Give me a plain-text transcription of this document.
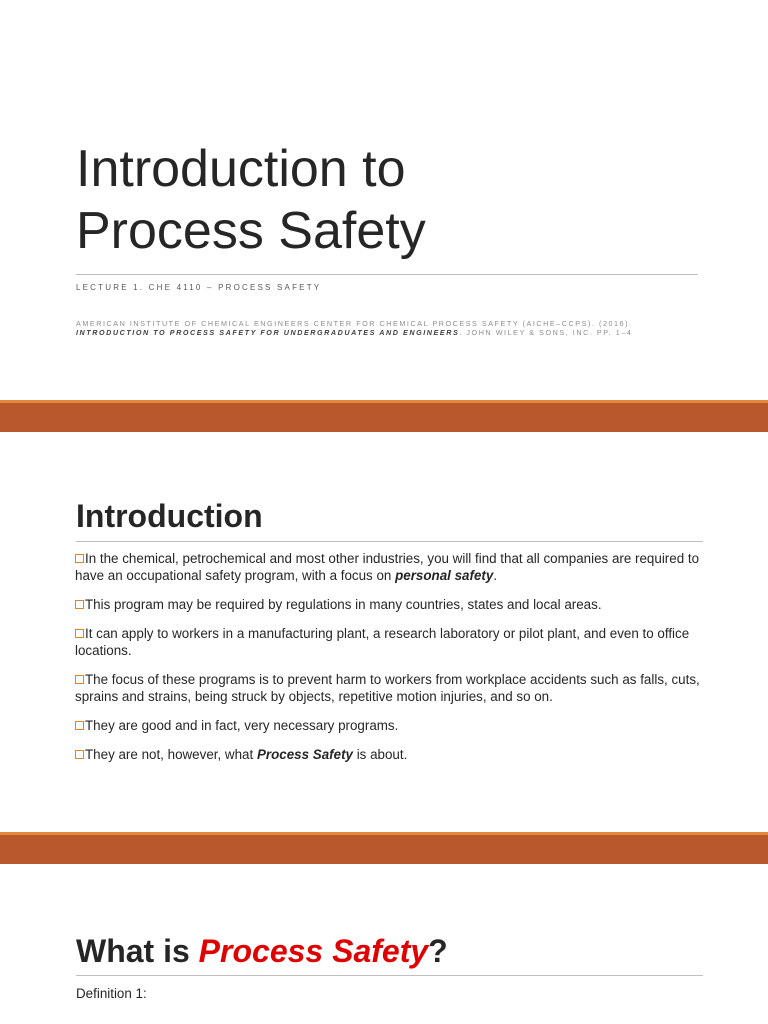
Introduction to
Process Safety
LECTURE 1. CHE 4110 – PROCESS SAFETY
AMERICAN INSTITUTE OF CHEMICAL ENGINEERS CENTER FOR CHEMICAL PROCESS SAFETY (AICHE–CCPS). (2016).
INTRODUCTION TO PROCESS SAFETY FOR UNDERGRADUATES AND ENGINEERS. JOHN WILEY & SONS, INC. PP. 1–4
Introduction
In the chemical, petrochemical and most other industries, you will find that all companies are required to have an occupational safety program, with a focus on personal safety.
This program may be required by regulations in many countries, states and local areas.
It can apply to workers in a manufacturing plant, a research laboratory or pilot plant, and even to office locations.
The focus of these programs is to prevent harm to workers from workplace accidents such as falls, cuts, sprains and strains, being struck by objects, repetitive motion injuries, and so on.
They are good and in fact, very necessary programs.
They are not, however, what Process Safety is about.
What is Process Safety?
Definition 1:
